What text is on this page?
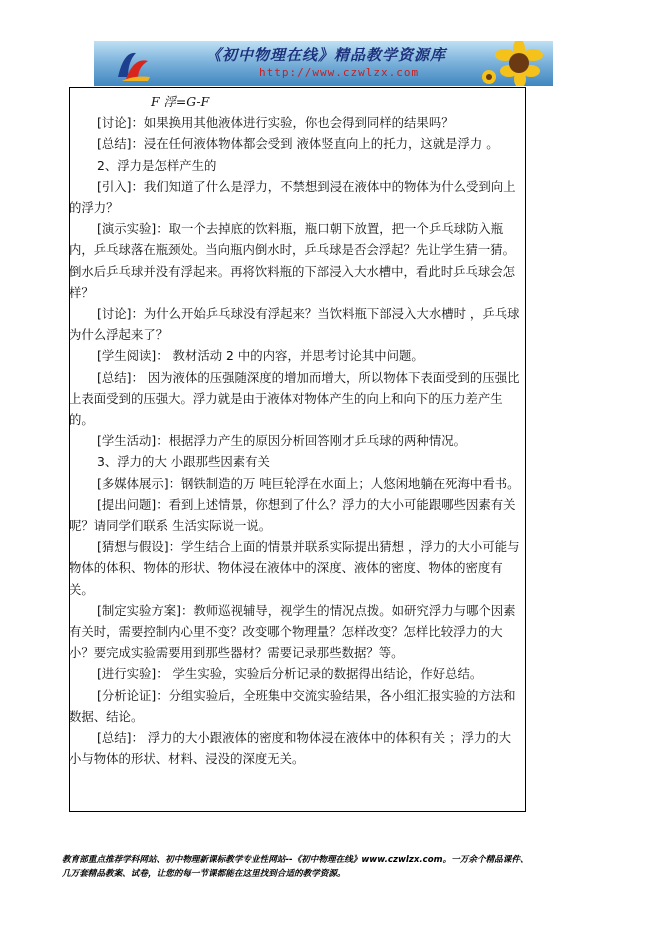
《初中物理在线》精品教学资源库
http://www.czwlzx.com

F 浮=G-F

[讨论]：如果换用其他液体进行实验，你也会得到同样的结果吗？

[总结]：浸在任何液体物体都会受到 液体竖直向上的托力，这就是浮力 。

2、浮力是怎样产生的

[引入]：我们知道了什么是浮力，不禁想到浸在液体中的物体为什么受到向上的浮力？

[演示实验]：取一个去掉底的饮料瓶，瓶口朝下放置，把一个乒乓球防入瓶内，乒乓球落在瓶颈处。当向瓶内倒水时，乒乓球是否会浮起？先让学生猜一猜。倒水后乒乓球并没有浮起来。再将饮料瓶的下部浸入大水槽中，看此时乒乓球会怎样？

[讨论]：为什么开始乒乓球没有浮起来？当饮料瓶下部浸入大水槽时 ，乒乓球为什么浮起来了？

[学生阅读]： 教材活动 2 中的内容，并思考讨论其中问题。

[总结]： 因为液体的压强随深度的增加而增大，所以物体下表面受到的压强比上表面受到的压强大。浮力就是由于液体对物体产生的向上和向下的压力差产生的。

[学生活动]：根据浮力产生的原因分析回答刚才乒乓球的两种情况。

3、浮力的大 小跟那些因素有关

[多媒体展示]：钢铁制造的万 吨巨轮浮在水面上；人悠闲地躺在死海中看书。

[提出问题]：看到上述情景，你想到了什么？浮力的大小可能跟哪些因素有关呢？请同学们联系 生活实际说一说。

[猜想与假设]：学生结合上面的情景并联系实际提出猜想 ，浮力的大小可能与物体的体积、物体的形状、物体浸在液体中的深度、液体的密度、物体的密度有关。

[制定实验方案]：教师巡视辅导，视学生的情况点拨。如研究浮力与哪个因素有关时，需要控制内心里不变？改变哪个物理量？怎样改变？怎样比较浮力的大小？要完成实验需要用到那些器材？需要记录那些数据？等。

[进行实验]： 学生实验，实验后分析记录的数据得出结论，作好总结。

[分析论证]：分组实验后，全班集中交流实验结果，各小组汇报实验的方法和数据、结论。

[总结]： 浮力的大小跟液体的密度和物体浸在液体中的体积有关 ；浮力的大小与物体的形状、材料、浸没的深度无关。

教育部重点推荐学科网站、初中物理新课标教学专业性网站--《初中物理在线》www.czwlzx.com。一万余个精品课件、
几万套精品教案、试卷，让您的每一节课都能在这里找到合适的教学资源。
